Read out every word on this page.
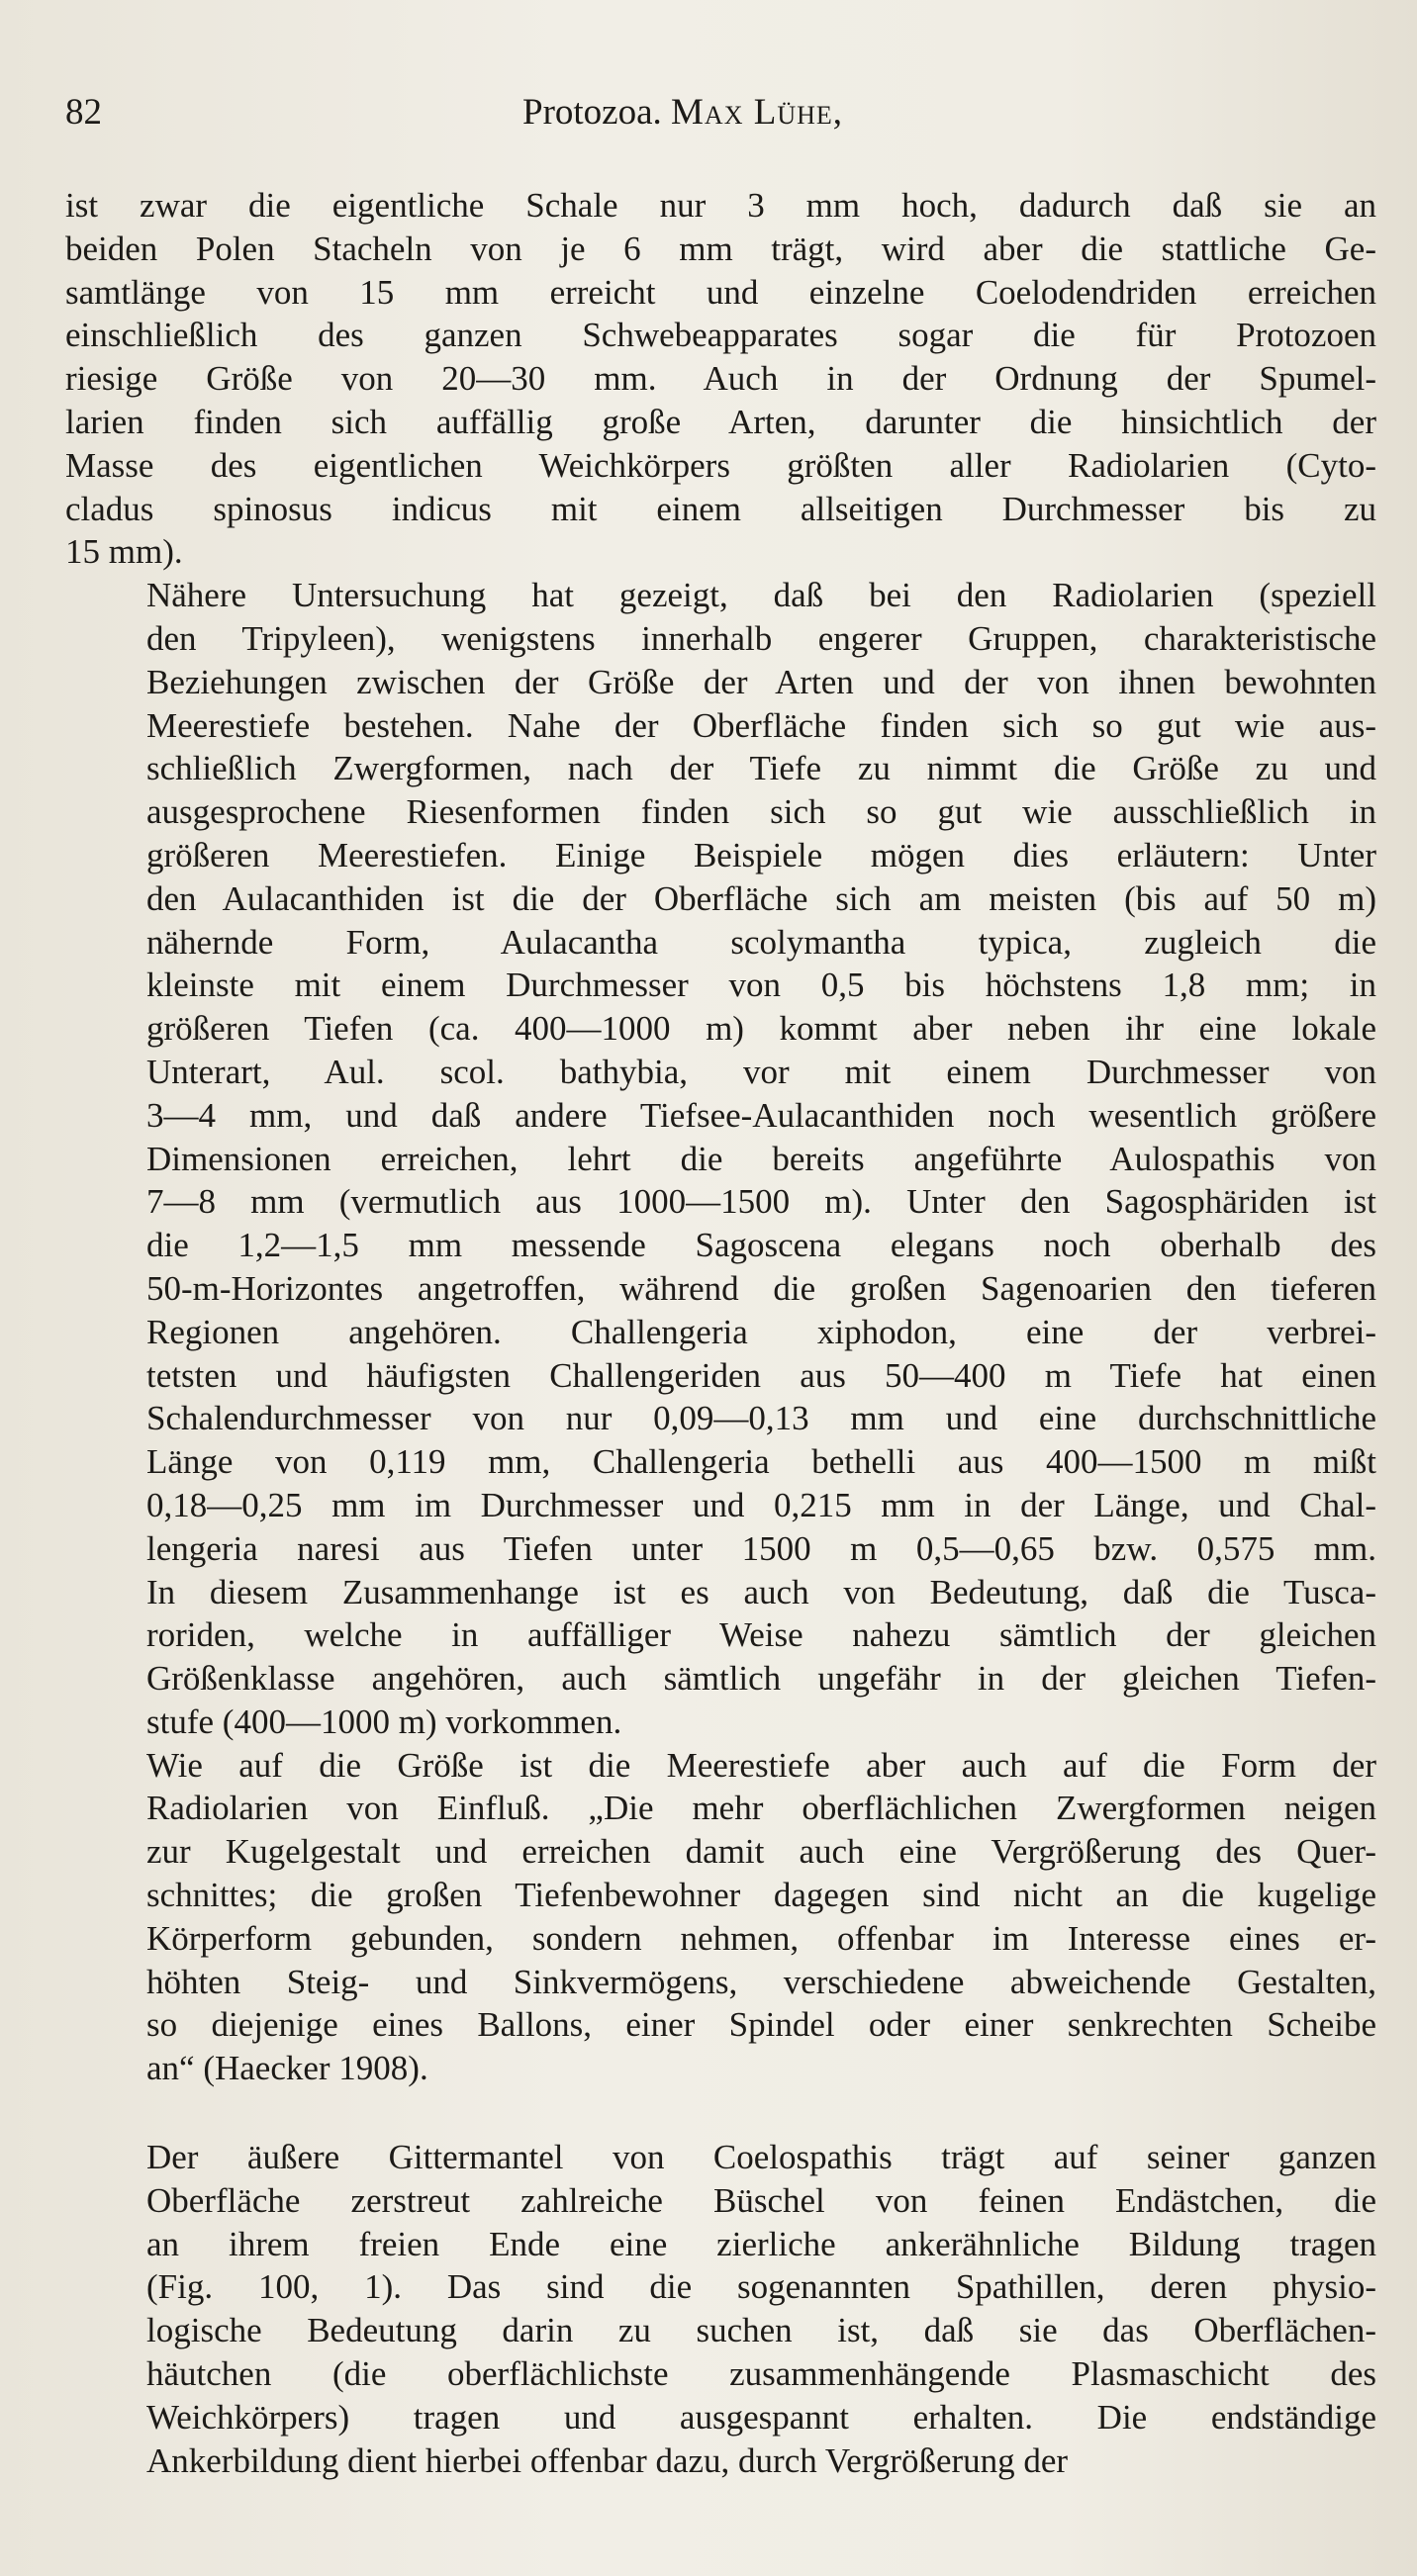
82	Protozoa. Max Lühe,
ist zwar die eigentliche Schale nur 3 mm hoch, dadurch daß sie an
beiden Polen Stacheln von je 6 mm trägt, wird aber die stattliche Ge-
samtlänge von 15 mm erreicht und einzelne Coelodendriden erreichen
einschließlich des ganzen Schwebeapparates sogar die für Protozoen
riesige Größe von 20—30 mm. Auch in der Ordnung der Spumel-
larien finden sich auffällig große Arten, darunter die hinsichtlich der
Masse des eigentlichen Weichkörpers größten aller Radiolarien (Cyto-
cladus spinosus indicus mit einem allseitigen Durchmesser bis zu
15 mm).
Nähere Untersuchung hat gezeigt, daß bei den Radiolarien (speziell
den Tripyleen), wenigstens innerhalb engerer Gruppen, charakteristische
Beziehungen zwischen der Größe der Arten und der von ihnen bewohnten
Meerestiefe bestehen. Nahe der Oberfläche finden sich so gut wie aus-
schließlich Zwergformen, nach der Tiefe zu nimmt die Größe zu und
ausgesprochene Riesenformen finden sich so gut wie ausschließlich in
größeren Meerestiefen. Einige Beispiele mögen dies erläutern: Unter
den Aulacanthiden ist die der Oberfläche sich am meisten (bis auf 50 m)
nähernde Form, Aulacantha scolymantha typica, zugleich die
kleinste mit einem Durchmesser von 0,5 bis höchstens 1,8 mm; in
größeren Tiefen (ca. 400—1000 m) kommt aber neben ihr eine lokale
Unterart, Aul. scol. bathybia, vor mit einem Durchmesser von
3—4 mm, und daß andere Tiefsee-Aulacanthiden noch wesentlich größere
Dimensionen erreichen, lehrt die bereits angeführte Aulospathis von
7—8 mm (vermutlich aus 1000—1500 m). Unter den Sagosphäriden ist
die 1,2—1,5 mm messende Sagoscena elegans noch oberhalb des
50-m-Horizontes angetroffen, während die großen Sagenoarien den tieferen
Regionen angehören. Challengeria xiphodon, eine der verbrei-
tetsten und häufigsten Challengeriden aus 50—400 m Tiefe hat einen
Schalendurchmesser von nur 0,09—0,13 mm und eine durchschnittliche
Länge von 0,119 mm, Challengeria bethelli aus 400—1500 m mißt
0,18—0,25 mm im Durchmesser und 0,215 mm in der Länge, und Chal-
lengeria naresi aus Tiefen unter 1500 m 0,5—0,65 bzw. 0,575 mm.
In diesem Zusammenhange ist es auch von Bedeutung, daß die Tusca-
roriden, welche in auffälliger Weise nahezu sämtlich der gleichen
Größenklasse angehören, auch sämtlich ungefähr in der gleichen Tiefen-
stufe (400—1000 m) vorkommen.
Wie auf die Größe ist die Meerestiefe aber auch auf die Form der
Radiolarien von Einfluß. „Die mehr oberflächlichen Zwergformen neigen
zur Kugelgestalt und erreichen damit auch eine Vergrößerung des Quer-
schnittes; die großen Tiefenbewohner dagegen sind nicht an die kugelige
Körperform gebunden, sondern nehmen, offenbar im Interesse eines er-
höhten Steig- und Sinkvermögens, verschiedene abweichende Gestalten,
so diejenige eines Ballons, einer Spindel oder einer senkrechten Scheibe
an“ (Haecker 1908).
Der äußere Gittermantel von Coelospathis trägt auf seiner ganzen
Oberfläche zerstreut zahlreiche Büschel von feinen Endästchen, die
an ihrem freien Ende eine zierliche ankerähnliche Bildung tragen
(Fig. 100, 1). Das sind die sogenannten Spathillen, deren physio-
logische Bedeutung darin zu suchen ist, daß sie das Oberflächen-
häutchen (die oberflächlichste zusammenhängende Plasmaschicht des
Weichkörpers) tragen und ausgespannt erhalten. Die endständige
Ankerbildung dient hierbei offenbar dazu, durch Vergrößerung der
